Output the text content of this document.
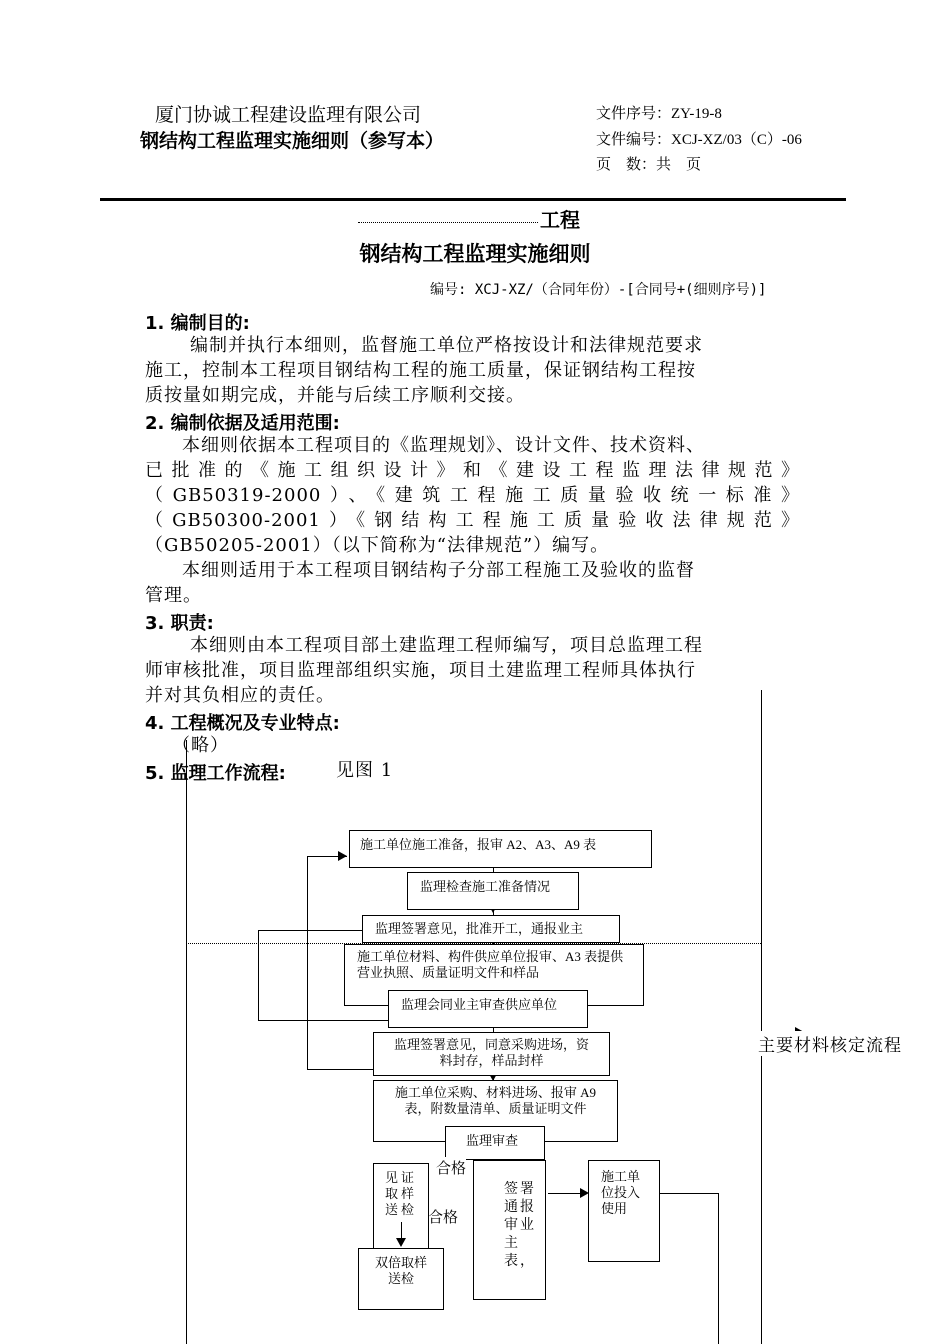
厦门协诚工程建设监理有限公司
钢结构工程监理实施细则（参写本）
文件序号：ZY-19-8
文件编号：XCJ-XZ/03（C）-06
页　数：共　页
工程
钢结构工程监理实施细则
编号: XCJ-XZ/（合同年份）-[合同号+(细则序号)]
1. 编制目的:
编制并执行本细则，监督施工单位严格按设计和法律规范要求
施工，控制本工程项目钢结构工程的施工质量，保证钢结构工程按
质按量如期完成，并能与后续工序顺利交接。
2. 编制依据及适用范围:
本细则依据本工程项目的《监理规划》、设计文件、技术资料、
已批准的《施工组织设计》和《建设工程监理法律规范》
（GB50319-2000）、《建筑工程施工质量验收统一标准》
（GB50300-2001）《钢结构工程施工质量验收法律规范》
（GB50205-2001）（以下简称为“法律规范”）编写。
本细则适用于本工程项目钢结构子分部工程施工及验收的监督
管理。
3. 职责:
本细则由本工程项目部土建监理工程师编写，项目总监理工程
师审核批准，项目监理部组织实施，项目土建监理工程师具体执行
并对其负相应的责任。
4. 工程概况及专业特点:
（略）
5. 监理工作流程:	见图 1
主要材料核定流程
施工单位施工准备，报审 A2、A3、A9 表
监理检查施工准备情况
监理签署意见，批准开工，通报业主
施工单位材料、构件供应单位报审、A3 表提供营业执照、质量证明文件和样品
监理会同业主审查供应单位
监理签署意见，同意采购进场，资料封存，样品封样
施工单位采购、材料进场、报审 A9 表，附数量清单、质量证明文件
监理审查
见证取样送检
双倍取样送检
签署通报审业主表，
施工单位投入使用
合格
合格
